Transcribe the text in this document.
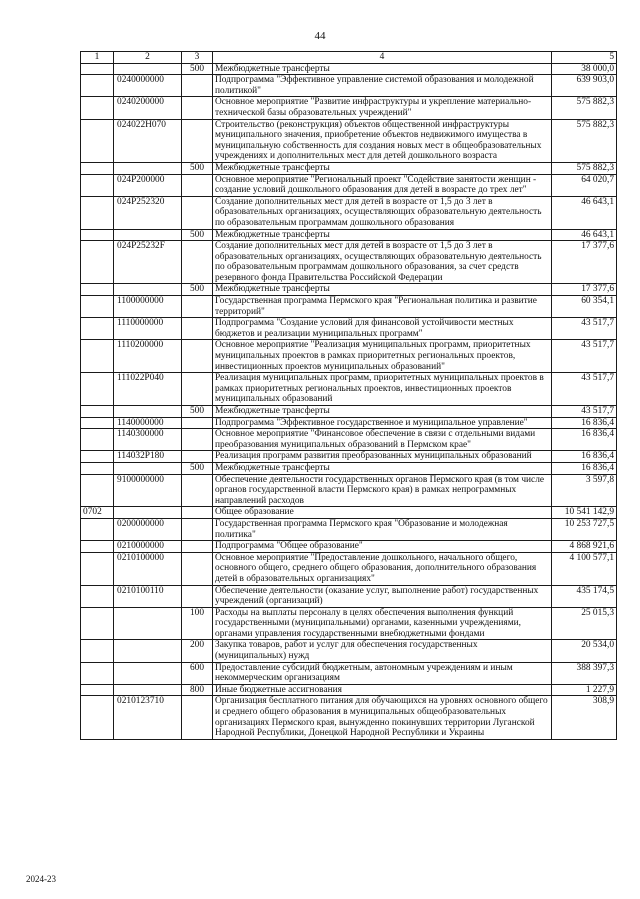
44
1	2	3	4	5
		500	Межбюджетные трансферты	38 000,0
	0240000000		Подпрограмма "Эффективное управление системой образования и молодежной политикой"	639 903,0
	0240200000		Основное мероприятие "Развитие инфраструктуры и укрепление материально-технической базы образовательных учреждений"	575 882,3
	024022Н070		Строительство (реконструкция) объектов общественной инфраструктуры муниципального значения, приобретение объектов недвижимого имущества в муниципальную собственность для создания новых мест в общеобразовательных учреждениях и дополнительных мест для детей дошкольного возраста	575 882,3
		500	Межбюджетные трансферты	575 882,3
	024Р200000		Основное мероприятие "Региональный проект "Содействие занятости женщин - создание условий дошкольного образования для детей в возрасте до трех лет"	64 020,7
	024Р252320		Создание дополнительных мест для детей в возрасте от 1,5 до 3 лет в образовательных организациях, осуществляющих образовательную деятельность по образовательным программам дошкольного образования	46 643,1
		500	Межбюджетные трансферты	46 643,1
	024Р25232F		Создание дополнительных мест для детей в возрасте от 1,5 до 3 лет в образовательных организациях, осуществляющих образовательную деятельность по образовательным программам дошкольного образования, за счет средств резервного фонда Правительства Российской Федерации	17 377,6
		500	Межбюджетные трансферты	17 377,6
	1100000000		Государственная программа Пермского края "Региональная политика и развитие территорий"	60 354,1
	1110000000		Подпрограмма "Создание условий для финансовой устойчивости местных бюджетов и реализации муниципальных программ"	43 517,7
	1110200000		Основное мероприятие "Реализация муниципальных программ, приоритетных муниципальных проектов в рамках приоритетных региональных проектов, инвестиционных проектов муниципальных образований"	43 517,7
	111022Р040		Реализация муниципальных программ, приоритетных муниципальных проектов в рамках приоритетных региональных проектов, инвестиционных проектов муниципальных образований	43 517,7
		500	Межбюджетные трансферты	43 517,7
	1140000000		Подпрограмма "Эффективное государственное и муниципальное управление"	16 836,4
	1140300000		Основное мероприятие "Финансовое обеспечение в связи с отдельными видами преобразования муниципальных образований в Пермском крае"	16 836,4
	114032Р180		Реализация программ развития преобразованных муниципальных образований	16 836,4
		500	Межбюджетные трансферты	16 836,4
	9100000000		Обеспечение деятельности государственных органов Пермского края (в том числе органов государственной власти Пермского края) в рамках непрограммных направлений расходов	3 597,8
0702			Общее образование	10 541 142,9
	0200000000		Государственная программа Пермского края "Образование и молодежная политика"	10 253 727,5
	0210000000		Подпрограмма "Общее образование"	4 868 921,6
	0210100000		Основное мероприятие "Предоставление дошкольного, начального общего, основного общего, среднего общего образования, дополнительного образования детей в образовательных организациях"	4 100 577,1
	0210100110		Обеспечение деятельности (оказание услуг, выполнение работ) государственных учреждений (организаций)	435 174,5
		100	Расходы на выплаты персоналу в целях обеспечения выполнения функций государственными (муниципальными) органами, казенными учреждениями, органами управления государственными внебюджетными фондами	25 015,3
		200	Закупка товаров, работ и услуг для обеспечения государственных (муниципальных) нужд	20 534,0
		600	Предоставление субсидий бюджетным, автономным учреждениям и иным некоммерческим организациям	388 397,3
		800	Иные бюджетные ассигнования	1 227,9
	0210123710		Организация бесплатного питания для обучающихся на уровнях основного общего и среднего общего образования в муниципальных общеобразовательных организациях Пермского края, вынужденно покинувших территории Луганской Народной Республики, Донецкой Народной Республики и Украины	308,9
2024-23
